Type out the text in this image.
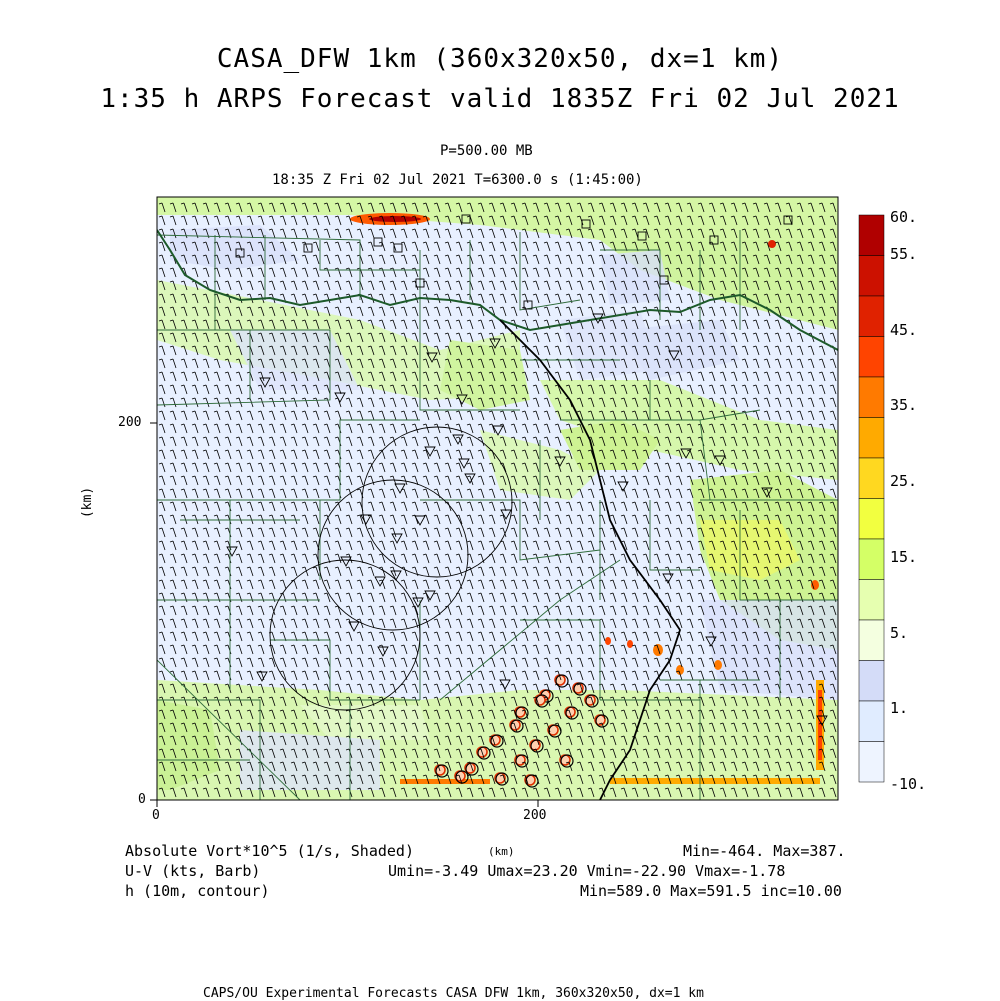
CASA_DFW 1km (360x320x50, dx=1 km)
1:35 h ARPS Forecast valid 1835Z Fri 02 Jul 2021
P=500.00 MB
18:35 Z Fri 02 Jul 2021 T=6300.0 s (1:45:00)
200
0
0	200
(km)
(km)
60.
55.
45.
35.
25.
15.
5.
1.
-10.
Absolute Vort*10^5 (1/s, Shaded)	Min=-464. Max=387.
U-V (kts, Barb)	Umin=-3.49 Umax=23.20 Vmin=-22.90 Vmax=-1.78
h (10m, contour)	Min=589.0 Max=591.5 inc=10.00
CAPS/OU Experimental Forecasts CASA DFW 1km, 360x320x50, dx=1 km
